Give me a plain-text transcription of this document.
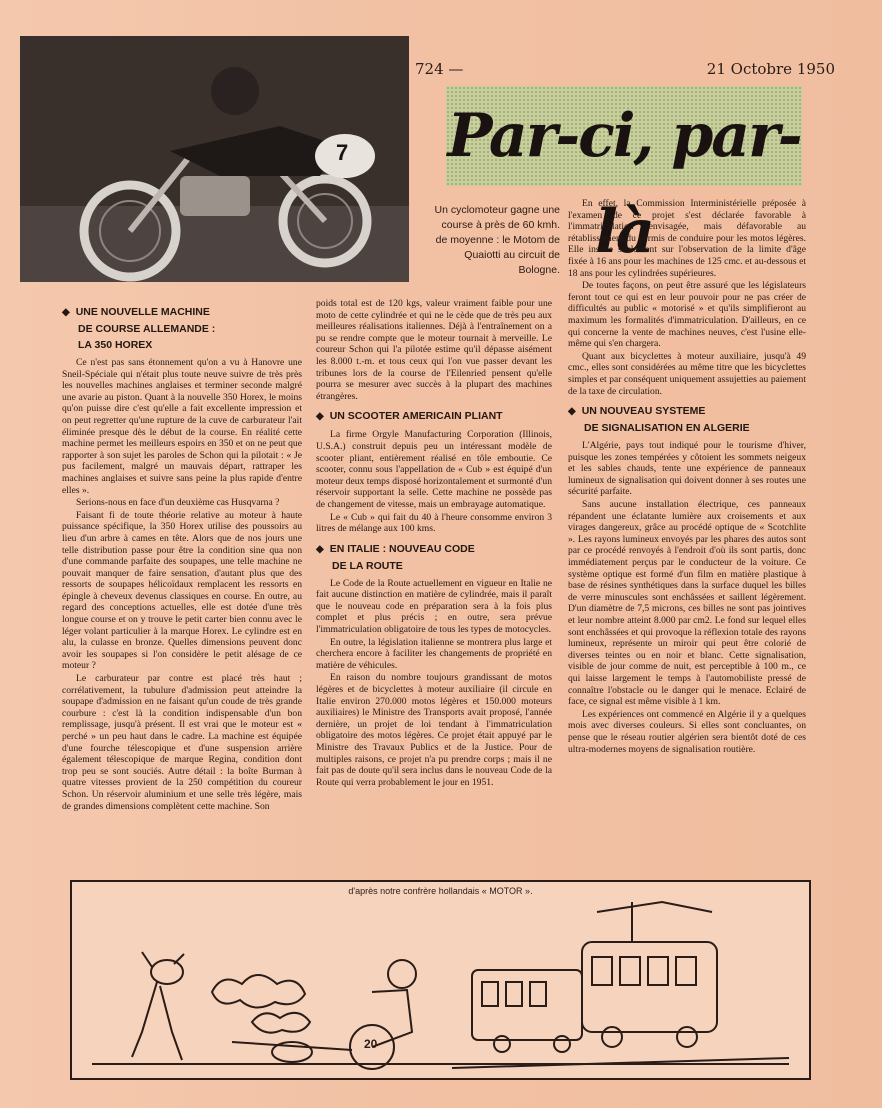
7
724 —	21 Octobre 1950
Par-ci, par-là
Un cyclomoteur gagne une course à près de 60 kmh. de moyenne : le Motom de Quaiotti au circuit de Bologne.
◆ UNE NOUVELLE MACHINE
DE COURSE ALLEMANDE :
LA 350 HOREX

Ce n'est pas sans étonnement qu'on a vu à Hanovre une Sneil-Spéciale qui n'était plus toute neuve suivre de très près les nouvelles machines anglaises et terminer seconde malgré une avarie au piston. Quant à la nouvelle 350 Horex, le moins qu'on puisse dire c'est qu'elle a fait excellente impression et on peut regretter qu'une rupture de la cuve de carburateur l'ait éliminée presque dès le début de la course. En réalité cette machine permet les meilleurs espoirs en 350 et on ne peut que rapporter à son sujet les paroles de Schon qui la pilotait : « Je pus facilement, malgré un mauvais départ, rattraper les machines anglaises et suivre sans peine la plus rapide d'entre elles ».

Serions-nous en face d'un deuxième cas Husqvarna ?

Faisant fi de toute théorie relative au moteur à haute puissance spécifique, la 350 Horex utilise des poussoirs au lieu d'un arbre à cames en tête. Alors que de nos jours une telle distribution passe pour être la condition sine qua non d'une commande parfaite des soupapes, une telle machine ne pouvait manquer de faire sensation, d'autant plus que des ressorts de soupapes hélicoïdaux remplacent les ressorts en épingle à cheveux devenus classiques en course. En outre, au regard des conceptions actuelles, elle est dotée d'une très longue course et on y trouve le petit carter bien connu avec le léger volant particulier à la marque Horex. Le cylindre est en alu, la culasse en bronze. Quelles dimensions peuvent donc avoir les soupapes si l'on considère le petit alésage de ce moteur ?

Le carburateur par contre est placé très haut ; corrélativement, la tubulure d'admission peut atteindre la soupape d'admission en ne faisant qu'un coude de très grande courbure : c'est là la condition indispensable d'un bon remplissage, jusqu'à présent. Il est vrai que le moteur est « perché » un peu haut dans le cadre. La machine est équipée d'une fourche télescopique et d'une suspension arrière également télescopique de marque Regina, condition dont trop peu se sont souciés. Autre détail : la boîte Burman à quatre vitesses provient de la 250 compétition du coureur Schon. Un réservoir aluminium et une selle très légère, mais de grandes dimensions complètent cette machine. Son

poids total est de 120 kgs, valeur vraiment faible pour une moto de cette cylindrée et qui ne le cède que de très peu aux meilleures réalisations italiennes. Déjà à l'entraînement on a pu se rendre compte que le moteur tournait à merveille. Le coureur Schon qui l'a pilotée estime qu'il dépasse aisément les 8.000 t.-m. et tous ceux qui l'on vue passer devant les tribunes lors de la course de l'Eilenried pensent qu'elle pourra se mesurer avec succès à la plupart des machines étrangères.

◆ UN SCOOTER AMERICAIN PLIANT

La firme Orgyle Manufacturing Corporation (Illinois, U.S.A.) construit depuis peu un intéressant modèle de scooter pliant, entièrement réalisé en tôle emboutie. Ce scooter, connu sous l'appellation de « Cub » est équipé d'un moteur deux temps disposé horizontalement et surmonté d'un réservoir supportant la selle. Cette machine ne possède pas de changement de vitesse, mais un embrayage automatique.

Le « Cub » qui fait du 40 à l'heure consomme environ 3 litres de mélange aux 100 kms.

◆ EN ITALIE : NOUVEAU CODE
DE LA ROUTE

Le Code de la Route actuellement en vigueur en Italie ne fait aucune distinction en matière de cylindrée, mais il paraît que le nouveau code en préparation sera à la fois plus complet et plus précis ; en outre, sera prévue l'immatriculation obligatoire de tous les types de motocycles.

En outre, la législation italienne se montrera plus large et cherchera encore à faciliter les changements de propriété en matière de véhicules.

En raison du nombre toujours grandissant de motos légères et de bicyclettes à moteur auxiliaire (il circule en Italie environ 270.000 motos légères et 150.000 moteurs auxiliaires) le Ministre des Transports avait proposé, l'année dernière, un projet de loi tendant à l'immatriculation obligatoire des motos légères. Ce projet était appuyé par le Ministre des Travaux Publics et de la Justice. Pour de multiples raisons, ce projet n'a pu prendre corps ; mais il ne fait pas de doute qu'il sera inclus dans le nouveau Code de la Route qui verra probablement le jour en 1951.

En effet, la Commission Interministérielle préposée à l'examen de ce projet s'est déclarée favorable à l'immatriculation envisagée, mais défavorable au rétablissement du permis de conduire pour les motos légères. Elle insiste seulement sur l'observation de la limite d'âge fixée à 16 ans pour les machines de 125 cmc. et au-dessous et 18 ans pour les cylindrées supérieures.

De toutes façons, on peut être assuré que les législateurs feront tout ce qui est en leur pouvoir pour ne pas créer de difficultés au public « motorisé » et qu'ils simplifieront au maximum les formalités d'immatriculation. D'ailleurs, en ce qui concerne la vente de machines neuves, c'est l'usine elle-même qui s'en chargera.

Quant aux bicyclettes à moteur auxiliaire, jusqu'à 49 cmc., elles sont considérées au même titre que les bicyclettes simples et par conséquent uniquement assujetties au paiement de la taxe de circulation.

◆ UN NOUVEAU SYSTEME
DE SIGNALISATION EN ALGERIE

L'Algérie, pays tout indiqué pour le tourisme d'hiver, puisque les zones tempérées y côtoient les sommets neigeux et les sables chauds, tente une expérience de panneaux lumineux de signalisation qui doivent donner à ses routes une sécurité parfaite.

Sans aucune installation électrique, ces panneaux répandent une éclatante lumière aux croisements et aux virages dangereux, grâce au procédé optique de « Scotchlite ». Les rayons lumineux envoyés par les phares des autos sont par ce procédé renvoyés à l'endroit d'où ils sont partis, donc immédiatement perçus par le conducteur de la voiture. Ce système optique est formé d'un film en matière plastique à base de résines synthétiques dans la surface duquel les billes de verre minuscules sont enchâssées et saillent légèrement. D'un diamètre de 7,5 microns, ces billes ne sont pas jointives et leur nombre atteint 8.000 par cm2. Le fond sur lequel elles sont enchâssées et qui provoque la réflexion totale des rayons lumineux, représente un miroir qui peut être colorié de diverses teintes ou en noir et blanc. Cette signalisation, visible de jour comme de nuit, est perceptible à 100 m., ce qui laisse largement le temps à l'automobiliste pressé de connaître l'obstacle ou le danger qui le menace. Eclairé de face, ce signal est même visible à 1 km.

Les expériences ont commencé en Algérie il y a quelques mois avec diverses couleurs. Si elles sont concluantes, on pense que le réseau routier algérien sera bientôt doté de ces ultra-modernes moyens de signalisation routière.

d'après notre confrère hollandais « MOTOR ».
20
